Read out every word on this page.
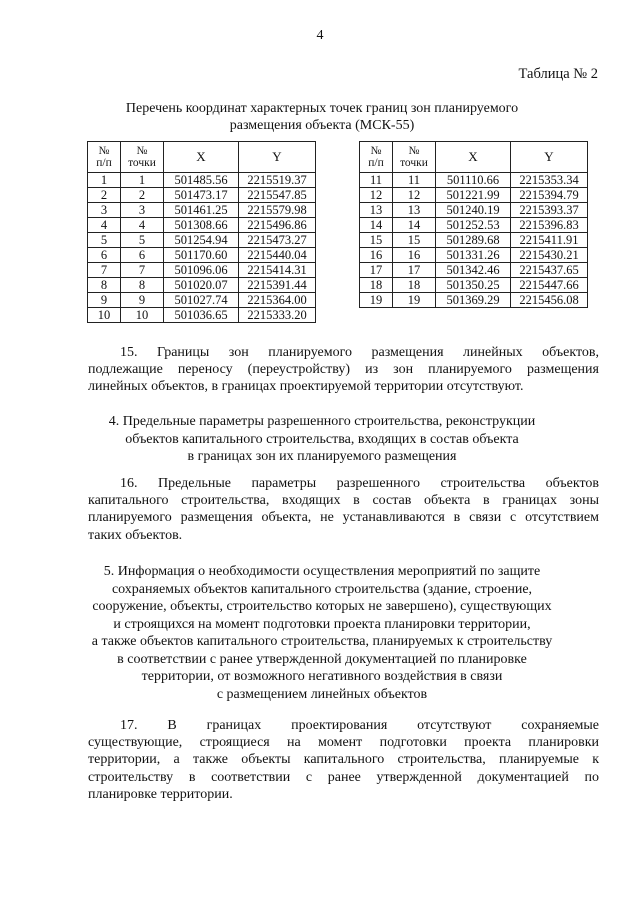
4
Таблица № 2
Перечень координат характерных точек границ зон планируемого
размещения объекта (МСК-55)
№
п/п	№
точки	X	Y
1	1	501485.56	2215519.37
2	2	501473.17	2215547.85
3	3	501461.25	2215579.98
4	4	501308.66	2215496.86
5	5	501254.94	2215473.27
6	6	501170.60	2215440.04
7	7	501096.06	2215414.31
8	8	501020.07	2215391.44
9	9	501027.74	2215364.00
10	10	501036.65	2215333.20
№
п/п	№
точки	X	Y
11	11	501110.66	2215353.34
12	12	501221.99	2215394.79
13	13	501240.19	2215393.37
14	14	501252.53	2215396.83
15	15	501289.68	2215411.91
16	16	501331.26	2215430.21
17	17	501342.46	2215437.65
18	18	501350.25	2215447.66
19	19	501369.29	2215456.08
15. Границы зон планируемого размещения линейных объектов,
подлежащие переносу (переустройству) из зон планируемого размещения
линейных объектов, в границах проектируемой территории отсутствуют.
4. Предельные параметры разрешенного строительства, реконструкции
объектов капитального строительства, входящих в состав объекта
в границах зон их планируемого размещения
16. Предельные параметры разрешенного строительства объектов
капитального строительства, входящих в состав объекта в границах зоны
планируемого размещения объекта, не устанавливаются в связи с отсутствием
таких объектов.
5. Информация о необходимости осуществления мероприятий по защите
сохраняемых объектов капитального строительства (здание, строение,
сооружение, объекты, строительство которых не завершено), существующих
и строящихся на момент подготовки проекта планировки территории,
а также объектов капитального строительства, планируемых к строительству
в соответствии с ранее утвержденной документацией по планировке
территории, от возможного негативного воздействия в связи
с размещением линейных объектов
17. В границах проектирования отсутствуют сохраняемые
существующие, строящиеся на момент подготовки проекта планировки
территории, а также объекты капитального строительства, планируемые к
строительству в соответствии с ранее утвержденной документацией по
планировке территории.
